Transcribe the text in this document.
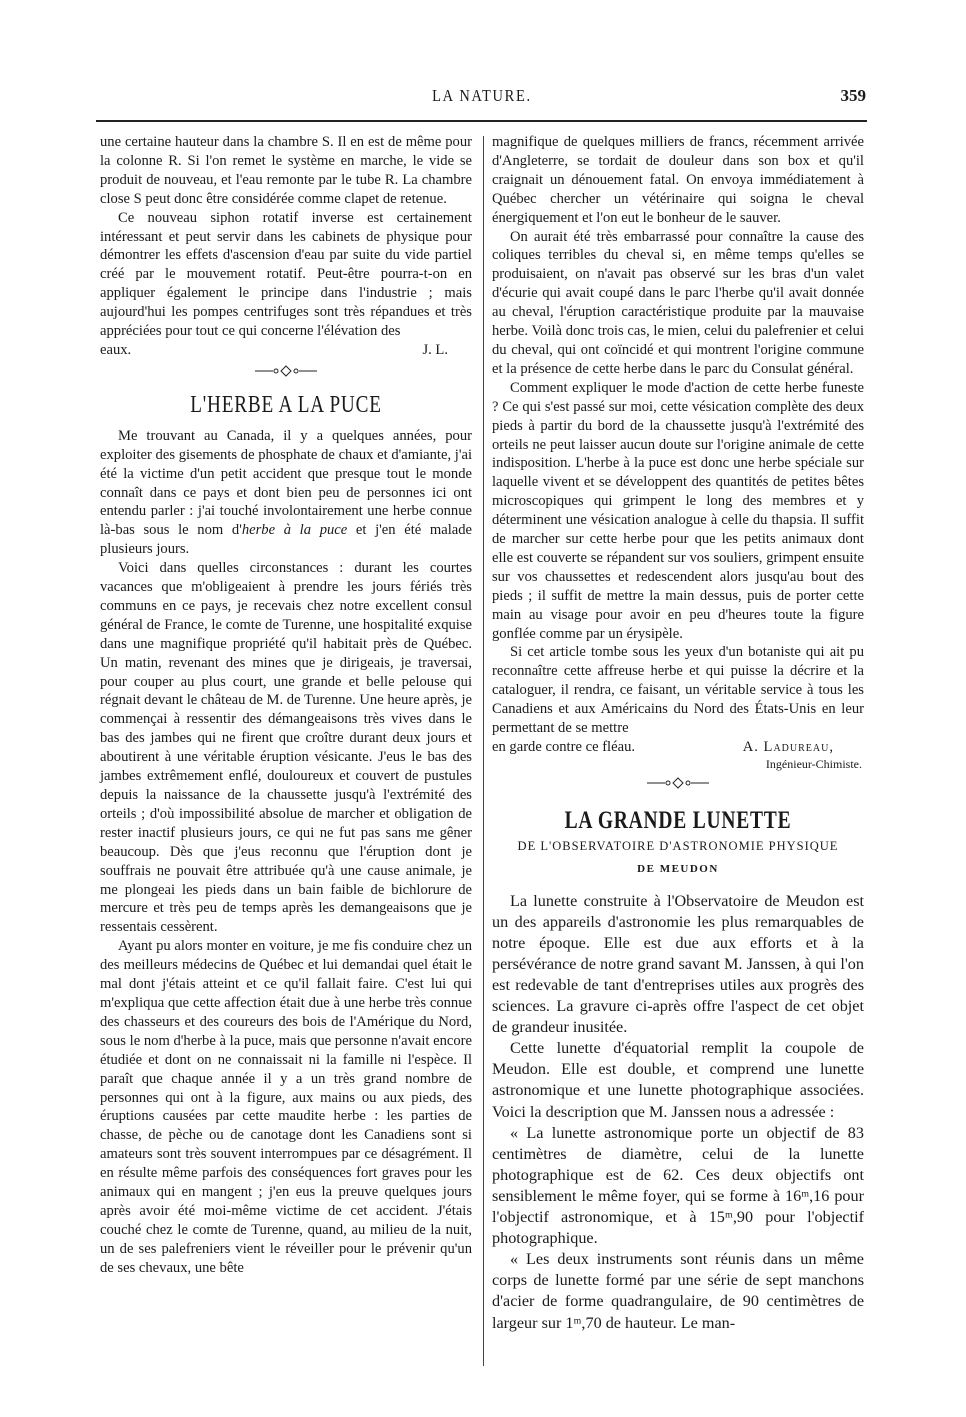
LA NATURE.	359

une certaine hauteur dans la chambre S. Il en est de même pour la colonne R. Si l'on remet le système en marche, le vide se produit de nouveau, et l'eau remonte par le tube R. La chambre close S peut donc être considérée comme clapet de retenue.

Ce nouveau siphon rotatif inverse est certainement intéressant et peut servir dans les cabinets de physique pour démontrer les effets d'ascension d'eau par suite du vide partiel créé par le mouvement rotatif. Peut-être pourra-t-on en appliquer également le principe dans l'industrie ; mais aujourd'hui les pompes centrifuges sont très répandues et très appréciées pour tout ce qui concerne l'élévation des

eaux.	J. L.

L'HERBE A LA PUCE

Me trouvant au Canada, il y a quelques années, pour exploiter des gisements de phosphate de chaux et d'amiante, j'ai été la victime d'un petit accident que presque tout le monde connaît dans ce pays et dont bien peu de personnes ici ont entendu parler : j'ai touché involontairement une herbe connue là-bas sous le nom d'herbe à la puce et j'en été malade plusieurs jours.

Voici dans quelles circonstances : durant les courtes vacances que m'obligeaient à prendre les jours fériés très communs en ce pays, je recevais chez notre excellent consul général de France, le comte de Turenne, une hospitalité exquise dans une magnifique propriété qu'il habitait près de Québec. Un matin, revenant des mines que je dirigeais, je traversai, pour couper au plus court, une grande et belle pelouse qui régnait devant le château de M. de Turenne. Une heure après, je commençai à ressentir des démangeaisons très vives dans le bas des jambes qui ne firent que croître durant deux jours et aboutirent à une véritable éruption vésicante. J'eus le bas des jambes extrêmement enflé, douloureux et couvert de pustules depuis la naissance de la chaussette jusqu'à l'extrémité des orteils ; d'où impossibilité absolue de marcher et obligation de rester inactif plusieurs jours, ce qui ne fut pas sans me gêner beaucoup. Dès que j'eus reconnu que l'éruption dont je souffrais ne pouvait être attribuée qu'à une cause animale, je me plongeai les pieds dans un bain faible de bichlorure de mercure et très peu de temps après les demangeaisons que je ressentais cessèrent.

Ayant pu alors monter en voiture, je me fis conduire chez un des meilleurs médecins de Québec et lui demandai quel était le mal dont j'étais atteint et ce qu'il fallait faire. C'est lui qui m'expliqua que cette affection était due à une herbe très connue des chasseurs et des coureurs des bois de l'Amérique du Nord, sous le nom d'herbe à la puce, mais que personne n'avait encore étudiée et dont on ne connaissait ni la famille ni l'espèce. Il paraît que chaque année il y a un très grand nombre de personnes qui ont à la figure, aux mains ou aux pieds, des éruptions causées par cette maudite herbe : les parties de chasse, de pèche ou de canotage dont les Canadiens sont si amateurs sont très souvent interrompues par ce désagrément. Il en résulte même parfois des conséquences fort graves pour les animaux qui en mangent ; j'en eus la preuve quelques jours après avoir été moi-même victime de cet accident. J'étais couché chez le comte de Turenne, quand, au milieu de la nuit, un de ses palefreniers vient le réveiller pour le prévenir qu'un de ses chevaux, une bête

magnifique de quelques milliers de francs, récemment arrivée d'Angleterre, se tordait de douleur dans son box et qu'il craignait un dénouement fatal. On envoya immédiatement à Québec chercher un vétérinaire qui soigna le cheval énergiquement et l'on eut le bonheur de le sauver.

On aurait été très embarrassé pour connaître la cause des coliques terribles du cheval si, en même temps qu'elles se produisaient, on n'avait pas observé sur les bras d'un valet d'écurie qui avait coupé dans le parc l'herbe qu'il avait donnée au cheval, l'éruption caractéristique produite par la mauvaise herbe. Voilà donc trois cas, le mien, celui du palefrenier et celui du cheval, qui ont coïncidé et qui montrent l'origine commune et la présence de cette herbe dans le parc du Consulat général.

Comment expliquer le mode d'action de cette herbe funeste ? Ce qui s'est passé sur moi, cette vésication complète des deux pieds à partir du bord de la chaussette jusqu'à l'extrémité des orteils ne peut laisser aucun doute sur l'origine animale de cette indisposition. L'herbe à la puce est donc une herbe spéciale sur laquelle vivent et se développent des quantités de petites bêtes microscopiques qui grimpent le long des membres et y déterminent une vésication analogue à celle du thapsia. Il suffit de marcher sur cette herbe pour que les petits animaux dont elle est couverte se répandent sur vos souliers, grimpent ensuite sur vos chaussettes et redescendent alors jusqu'au bout des pieds ; il suffit de mettre la main dessus, puis de porter cette main au visage pour avoir en peu d'heures toute la figure gonflée comme par un érysipèle.

Si cet article tombe sous les yeux d'un botaniste qui ait pu reconnaître cette affreuse herbe et qui puisse la décrire et la cataloguer, il rendra, ce faisant, un véritable service à tous les Canadiens et aux Américains du Nord des États-Unis en leur permettant de se mettre

en garde contre ce fléau.	A. Ladureau,

Ingénieur-Chimiste.
LA GRANDE LUNETTE
DE L'OBSERVATOIRE D'ASTRONOMIE PHYSIQUE
DE MEUDON

La lunette construite à l'Observatoire de Meudon est un des appareils d'astronomie les plus remarquables de notre époque. Elle est due aux efforts et à la persévérance de notre grand savant M. Janssen, à qui l'on est redevable de tant d'entreprises utiles aux progrès des sciences. La gravure ci-après offre l'aspect de cet objet de grandeur inusitée.

Cette lunette d'équatorial remplit la coupole de Meudon. Elle est double, et comprend une lunette astronomique et une lunette photographique associées. Voici la description que M. Janssen nous a adressée :

« La lunette astronomique porte un objectif de 83 centimètres de diamètre, celui de la lunette photographique est de 62. Ces deux objectifs ont sensiblement le même foyer, qui se forme à 16ᵐ,16 pour l'objectif astronomique, et à 15ᵐ,90 pour l'objectif photographique.

« Les deux instruments sont réunis dans un même corps de lunette formé par une série de sept manchons d'acier de forme quadrangulaire, de 90 centimètres de largeur sur 1ᵐ,70 de hauteur. Le man-
